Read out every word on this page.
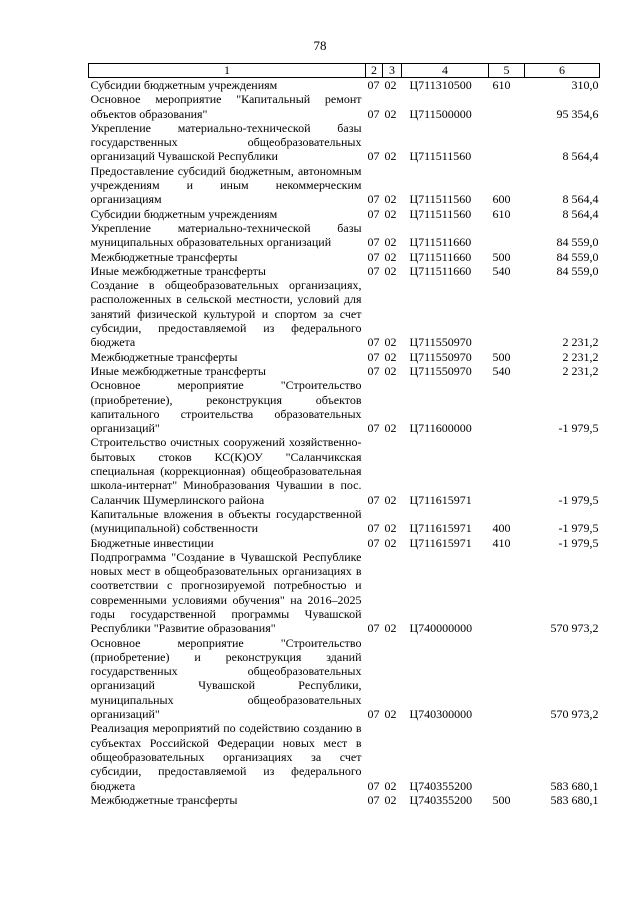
78
1	2	3	4	5	6
Субсидии бюджетным учреждениям	07	02	Ц711310500	610	310,0
Основное мероприятие "Капитальный ремонт объектов образования"	07	02	Ц711500000		95 354,6
Укрепление материально-технической базы государственных общеобразовательных организаций Чувашской Республики	07	02	Ц711511560		8 564,4
Предоставление субсидий бюджетным, автономным учреждениям и иным некоммерческим организациям	07	02	Ц711511560	600	8 564,4
Субсидии бюджетным учреждениям	07	02	Ц711511560	610	8 564,4
Укрепление материально-технической базы муниципальных образовательных организаций	07	02	Ц711511660		84 559,0
Межбюджетные трансферты	07	02	Ц711511660	500	84 559,0
Иные межбюджетные трансферты	07	02	Ц711511660	540	84 559,0
Создание в общеобразовательных организациях, расположенных в сельской местности, условий для занятий физической культурой и спортом за счет субсидии, предоставляемой из федерального бюджета	07	02	Ц711550970		2 231,2
Межбюджетные трансферты	07	02	Ц711550970	500	2 231,2
Иные межбюджетные трансферты	07	02	Ц711550970	540	2 231,2
Основное мероприятие "Строительство (приобретение), реконструкция объектов капитального строительства образовательных организаций"	07	02	Ц711600000		-1 979,5
Строительство очистных сооружений хозяйственно-бытовых стоков КС(К)ОУ "Саланчикская специальная (коррекционная) общеобразовательная школа-интернат" Минобразования Чувашии в пос. Саланчик Шумерлинского района	07	02	Ц711615971		-1 979,5
Капитальные вложения в объекты государственной (муниципальной) собственности	07	02	Ц711615971	400	-1 979,5
Бюджетные инвестиции	07	02	Ц711615971	410	-1 979,5
Подпрограмма "Создание в Чувашской Республике новых мест в общеобразовательных организациях в соответствии с прогнозируемой потребностью и современными условиями обучения" на 2016–2025 годы государственной программы Чувашской Республики "Развитие образования"	07	02	Ц740000000		570 973,2
Основное мероприятие "Строительство (приобретение) и реконструкция зданий государственных общеобразовательных организаций Чувашской Республики, муниципальных общеобразовательных организаций"	07	02	Ц740300000		570 973,2
Реализация мероприятий по содействию созданию в субъектах Российской Федерации новых мест в общеобразовательных организациях за счет субсидии, предоставляемой из федерального бюджета	07	02	Ц740355200		583 680,1
Межбюджетные трансферты	07	02	Ц740355200	500	583 680,1
